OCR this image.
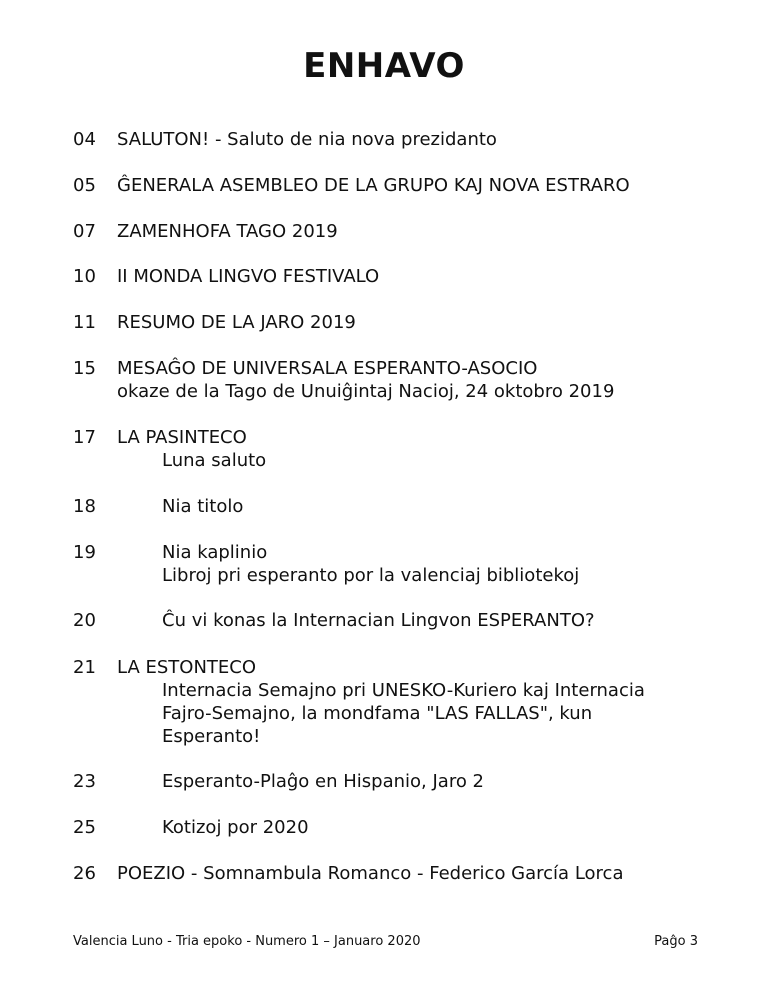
ENHAVO
04 SALUTON! - Saluto de nia nova prezidanto
05 ĜENERALA ASEMBLEO DE LA GRUPO KAJ NOVA ESTRARO
07 ZAMENHOFA TAGO 2019
10 II MONDA LINGVO FESTIVALO
11 RESUMO DE LA JARO 2019
15 MESAĜO DE UNIVERSALA ESPERANTO-ASOCIO
okaze de la Tago de Unuiĝintaj Nacioj, 24 oktobro 2019
17 LA PASINTECO
Luna saluto
18	Nia titolo
19	Nia kaplinio
Libroj pri esperanto por la valenciaj bibliotekoj
20	Ĉu vi konas la Internacian Lingvon ESPERANTO?
21 LA ESTONTECO
Internacia Semajno pri UNESKO-Kuriero kaj Internacia
Fajro-Semajno, la mondfama "LAS FALLAS", kun
Esperanto!
23	Esperanto-Plaĝo en Hispanio, Jaro 2
25	Kotizoj por 2020
26 POEZIO - Somnambula Romanco - Federico García Lorca
Valencia Luno - Tria epoko - Numero 1 – Januaro 2020	Paĝo 3
